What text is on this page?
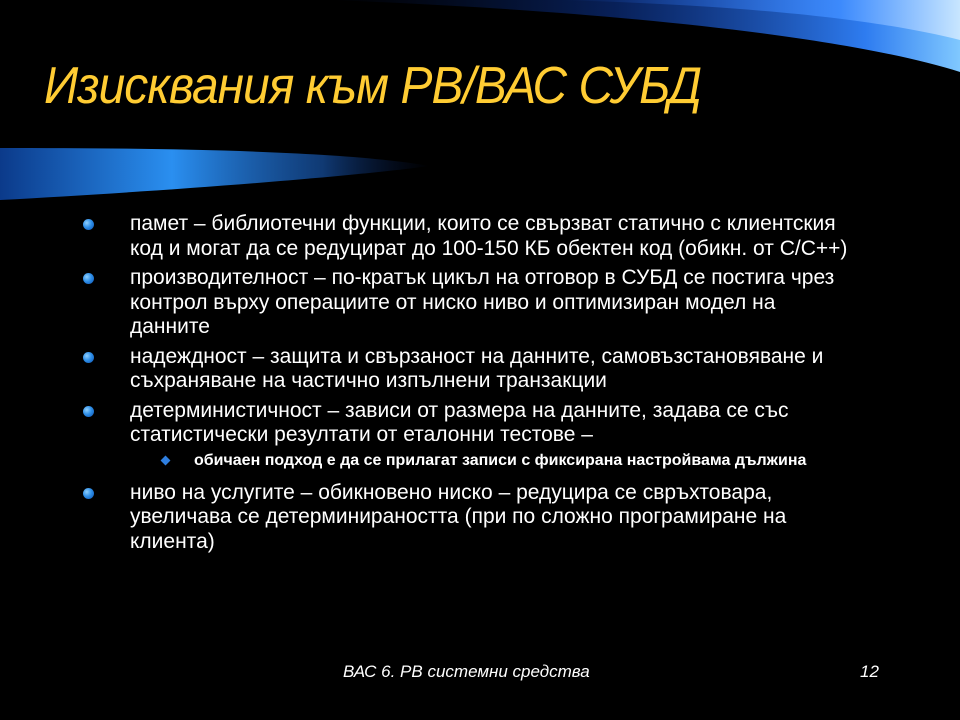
Изисквания към РВ/ВАС СУБД
памет – библиотечни функции, които се свързват статично с клиентския код и могат да се редуцират до 100-150 КБ обектен код (обикн. от C/C++)
производителност – по-кратък цикъл на отговор в СУБД се постига чрез контрол върху операциите от ниско ниво и оптимизиран модел на данните
надеждност – защита и свързаност на данните, самовъзстановяване и съхраняване на частично изпълнени транзакции
детерминистичност – зависи от размера на данните, задава се със статистически резултати от еталонни тестове –
обичаен подход е да се прилагат записи с фиксирана настройвама дължина
ниво на услугите – обикновено ниско – редуцира се свръхтовара, увеличава се детерминираността (при по сложно програмиране на клиента)
ВАС 6. РВ системни средства	12
